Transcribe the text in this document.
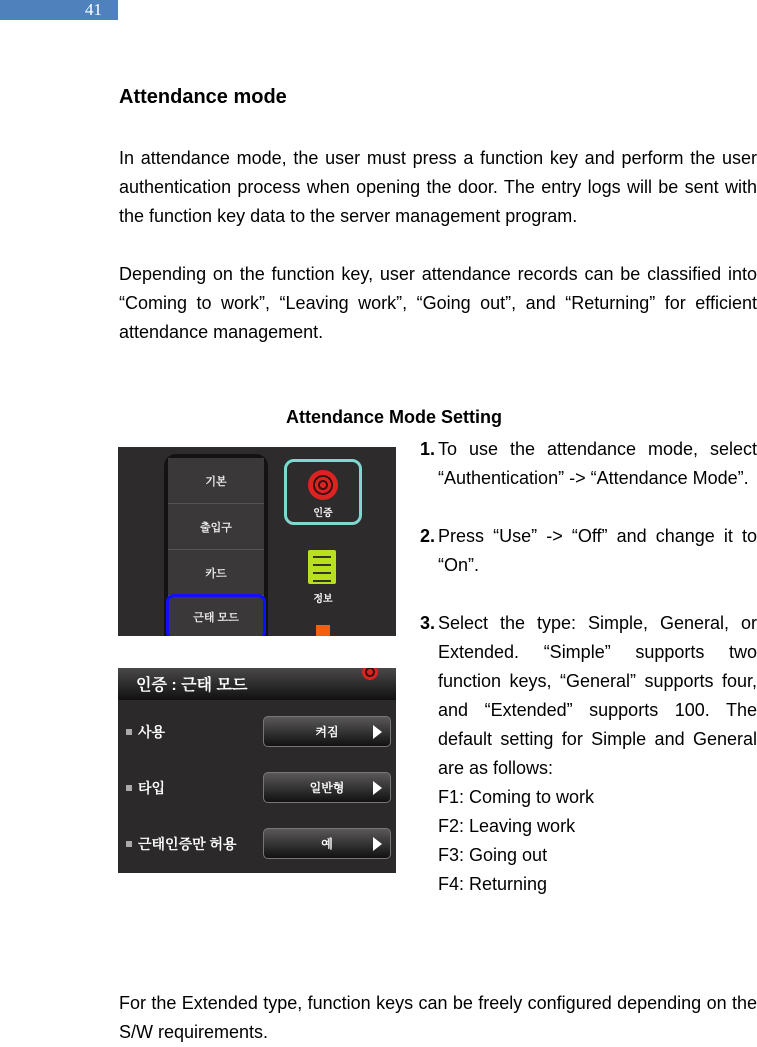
41
Attendance mode
In attendance mode, the user must press a function key and perform the user authentication process when opening the door. The entry logs will be sent with the function key data to the server management program.
Depending on the function key, user attendance records can be classified into “Coming to work”, “Leaving work”, “Going out”, and “Returning” for efficient attendance management.
Attendance Mode Setting
기본
출입구
카드
근태 모드
인증
정보
인증 : 근태 모드
사용	켜짐
타입	일반형
근태인증만 허용	예
1. To use the attendance mode, select “Authentication” -> “Attendance Mode”.
2. Press “Use” -> “Off” and change it to “On”.
3. Select the type: Simple, General, or Extended. “Simple” supports two function keys, “General” supports four, and “Extended” supports 100. The default setting for Simple and General are as follows:
F1: Coming to work
F2: Leaving work
F3: Going out
F4: Returning
For the Extended type, function keys can be freely configured depending on the S/W requirements.
